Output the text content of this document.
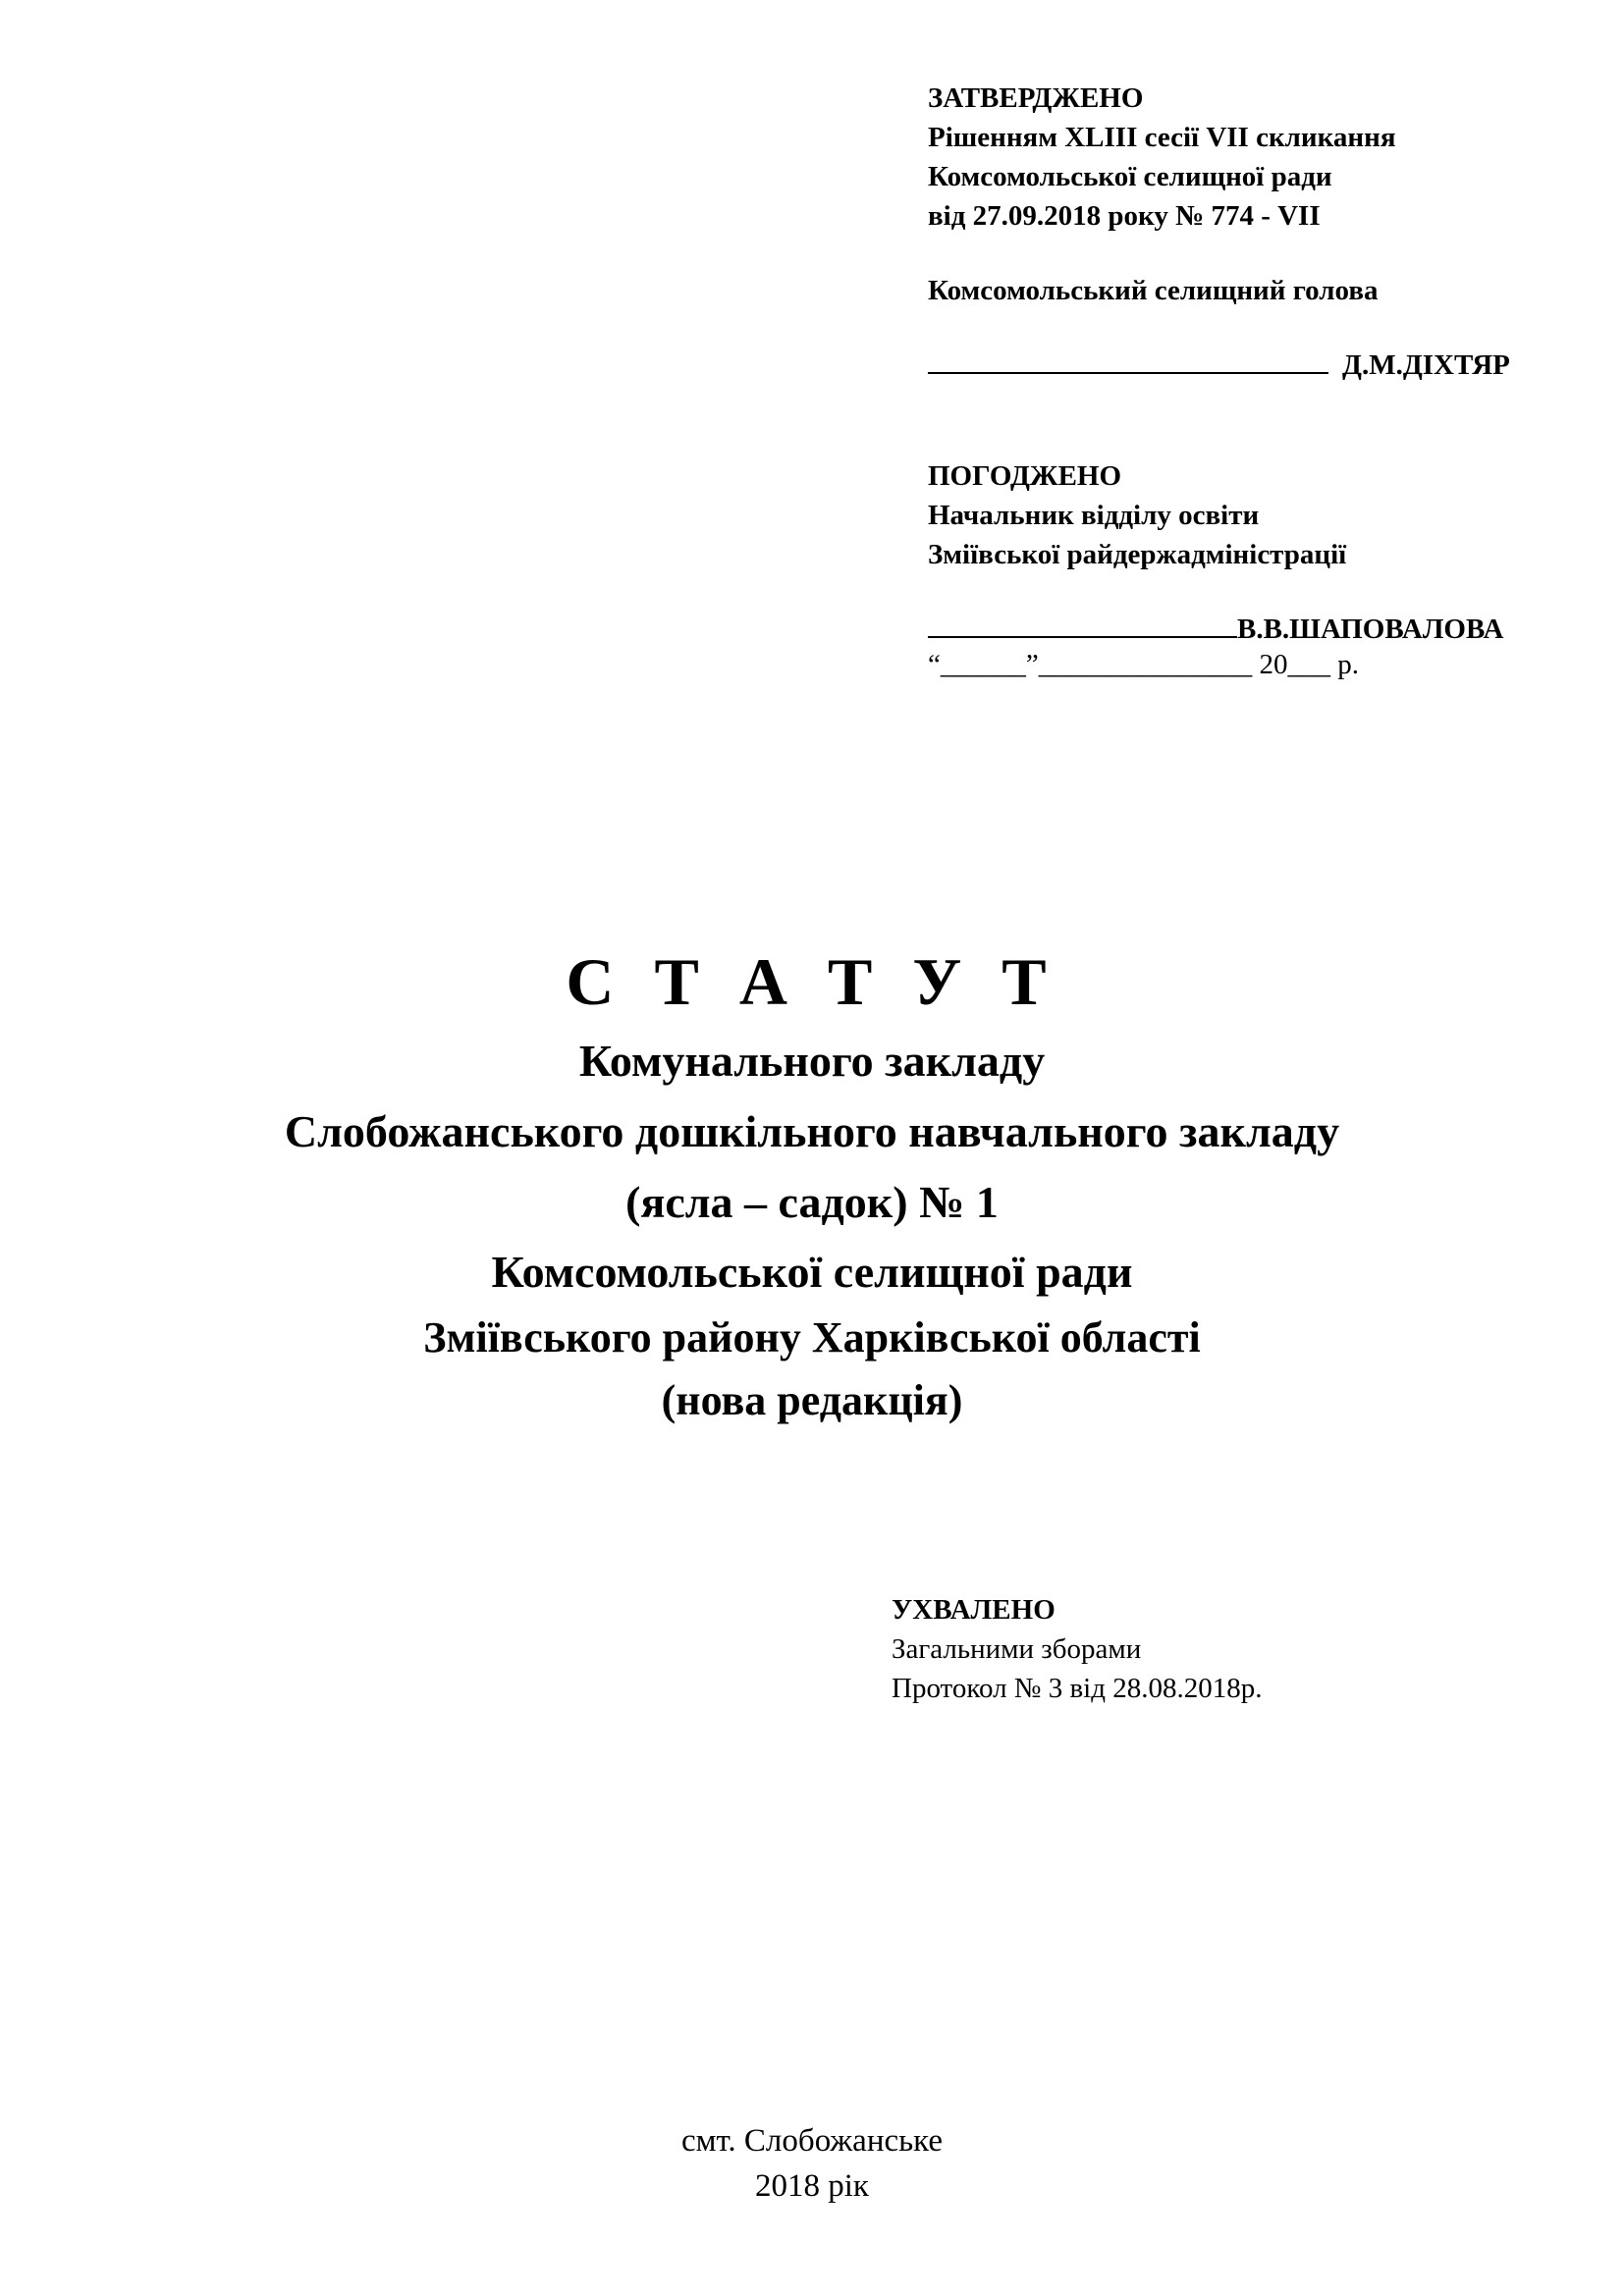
ЗАТВЕРДЖЕНО
Рішенням XLIII сесії VII скликання
Комсомольської селищної ради
від 27.09.2018 року № 774 - VII
Комсомольський селищний голова
Д.М.ДІХТЯР
ПОГОДЖЕНО
Начальник відділу освіти
Зміївської райдержадміністрації
В.В.ШАПОВАЛОВА
“______”_______________ 20___ р.
С Т А Т У Т
Комунального закладу
Слобожанського дошкільного навчального закладу
(ясла – садок) № 1
Комсомольської селищної ради
Зміївського району Харківської області
(нова редакція)
УХВАЛЕНО
Загальними зборами
Протокол № 3 від 28.08.2018р.
смт. Слобожанське
2018 рік
